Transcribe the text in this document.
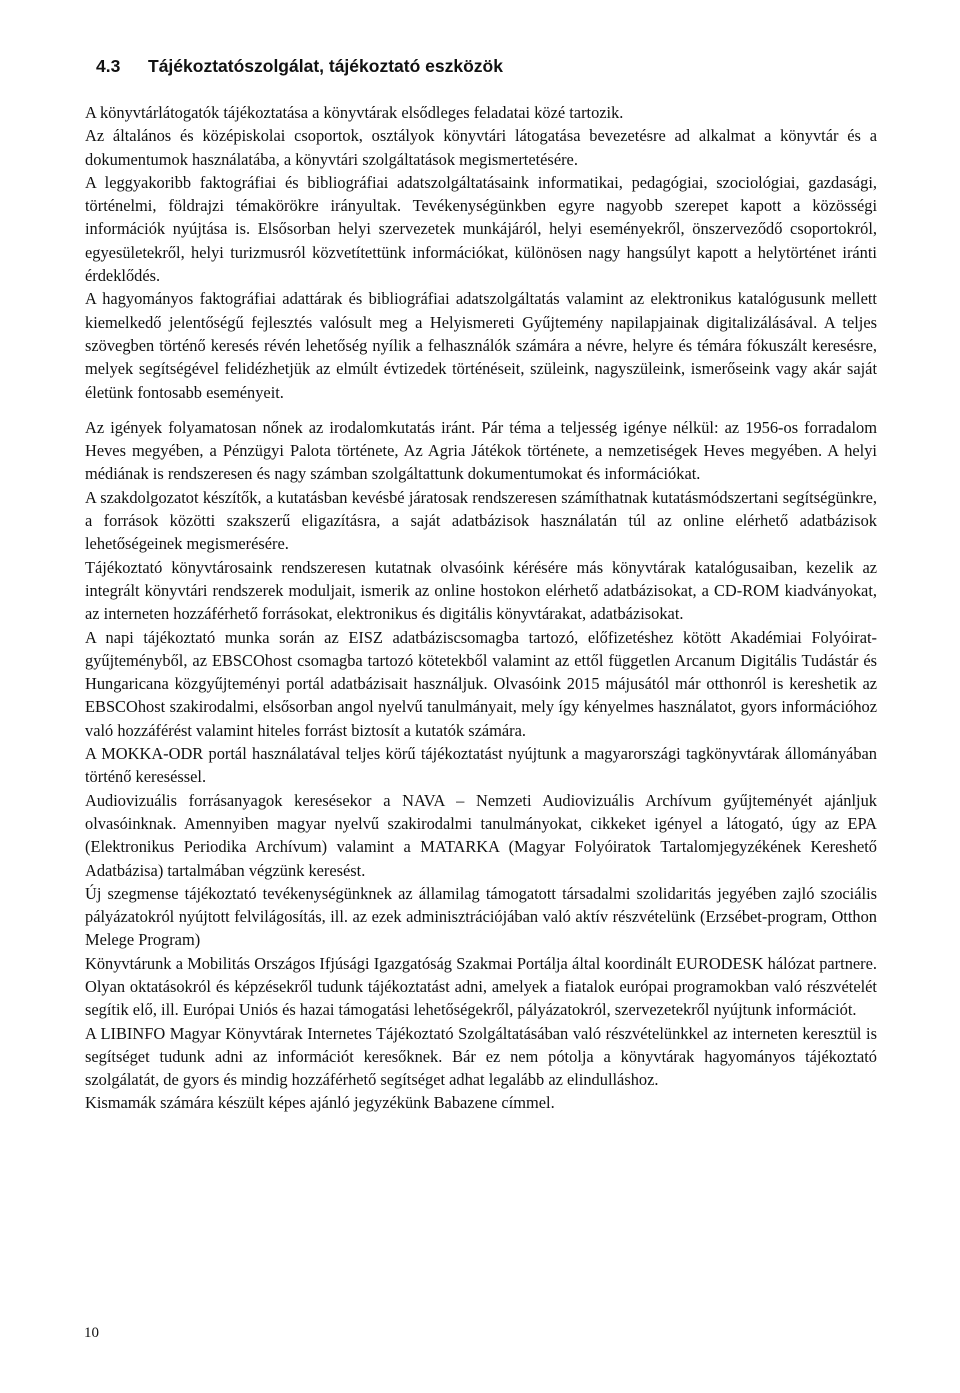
4.3 Tájékoztatószolgálat, tájékoztató eszközök

A könyvtárlátogatók tájékoztatása a könyvtárak elsődleges feladatai közé tartozik.

Az általános és középiskolai csoportok, osztályok könyvtári látogatása bevezetésre ad alkalmat a könyvtár és a dokumentumok használatába, a könyvtári szolgáltatások megismertetésére.

A leggyakoribb faktográfiai és bibliográfiai adatszolgáltatásaink informatikai, pedagógiai, szociológiai, gazdasági, történelmi, földrajzi témakörökre irányultak. Tevékenységünkben egyre nagyobb szerepet kapott a közösségi információk nyújtása is. Elsősorban helyi szervezetek munkájáról, helyi eseményekről, önszerveződő csoportokról, egyesületekről, helyi turizmusról közvetítettünk információkat, különösen nagy hangsúlyt kapott a helytörténet iránti érdeklődés.

A hagyományos faktográfiai adattárak és bibliográfiai adatszolgáltatás valamint az elektronikus katalógusunk mellett kiemelkedő jelentőségű fejlesztés valósult meg a Helyismereti Gyűjtemény napilapjainak digitalizálásával. A teljes szövegben történő keresés révén lehetőség nyílik a felhasználók számára a névre, helyre és témára fókuszált keresésre, melyek segítségével felidézhetjük az elmúlt évtizedek történéseit, szüleink, nagyszüleink, ismerőseink vagy akár saját életünk fontosabb eseményeit.

Az igények folyamatosan nőnek az irodalomkutatás iránt. Pár téma a teljesség igénye nélkül: az 1956-os forradalom Heves megyében, a Pénzügyi Palota története, Az Agria Játékok története, a nemzetiségek Heves megyében. A helyi médiának is rendszeresen és nagy számban szolgáltattunk dokumentumokat és információkat.

A szakdolgozatot készítők, a kutatásban kevésbé járatosak rendszeresen számíthatnak kutatásmódszertani segítségünkre, a források közötti szakszerű eligazításra, a saját adatbázisok használatán túl az online elérhető adatbázisok lehetőségeinek megismerésére.

Tájékoztató könyvtárosaink rendszeresen kutatnak olvasóink kérésére más könyvtárak katalógusaiban, kezelik az integrált könyvtári rendszerek moduljait, ismerik az online hostokon elérhető adatbázisokat, a CD-ROM kiadványokat, az interneten hozzáférhető forrásokat, elektronikus és digitális könyvtárakat, adatbázisokat.

A napi tájékoztató munka során az EISZ adatbáziscsomagba tartozó, előfizetéshez kötött Akadémiai Folyóirat-gyűjteményből, az EBSCOhost csomagba tartozó kötetekből valamint az ettől független Arcanum Digitális Tudástár és Hungaricana közgyűjteményi portál adatbázisait használjuk. Olvasóink 2015 májusától már otthonról is kereshetik az EBSCOhost szakirodalmi, elsősorban angol nyelvű tanulmányait, mely így kényelmes használatot, gyors információhoz való hozzáférést valamint hiteles forrást biztosít a kutatók számára.

A MOKKA-ODR portál használatával teljes körű tájékoztatást nyújtunk a magyarországi tagkönyvtárak állományában történő kereséssel.

Audiovizuális forrásanyagok keresésekor a NAVA – Nemzeti Audiovizuális Archívum gyűjteményét ajánljuk olvasóinknak. Amennyiben magyar nyelvű szakirodalmi tanulmányokat, cikkeket igényel a látogató, úgy az EPA (Elektronikus Periodika Archívum) valamint a MATARKA (Magyar Folyóiratok Tartalomjegyzékének Kereshető Adatbázisa) tartalmában végzünk keresést.

Új szegmense tájékoztató tevékenységünknek az államilag támogatott társadalmi szolidaritás jegyében zajló szociális pályázatokról nyújtott felvilágosítás, ill. az ezek adminisztrációjában való aktív részvételünk (Erzsébet-program, Otthon Melege Program)

Könyvtárunk a Mobilitás Országos Ifjúsági Igazgatóság Szakmai Portálja által koordinált EURODESK hálózat partnere. Olyan oktatásokról és képzésekről tudunk tájékoztatást adni, amelyek a fiatalok európai programokban való részvételét segítik elő, ill. Európai Uniós és hazai támogatási lehetőségekről, pályázatokról, szervezetekről nyújtunk információt.

A LIBINFO Magyar Könyvtárak Internetes Tájékoztató Szolgáltatásában való részvételünkkel az interneten keresztül is segítséget tudunk adni az információt keresőknek. Bár ez nem pótolja a könyvtárak hagyományos tájékoztató szolgálatát, de gyors és mindig hozzáférhető segítséget adhat legalább az elindulláshoz.

Kismamák számára készült képes ajánló jegyzékünk Babazene címmel.

10
